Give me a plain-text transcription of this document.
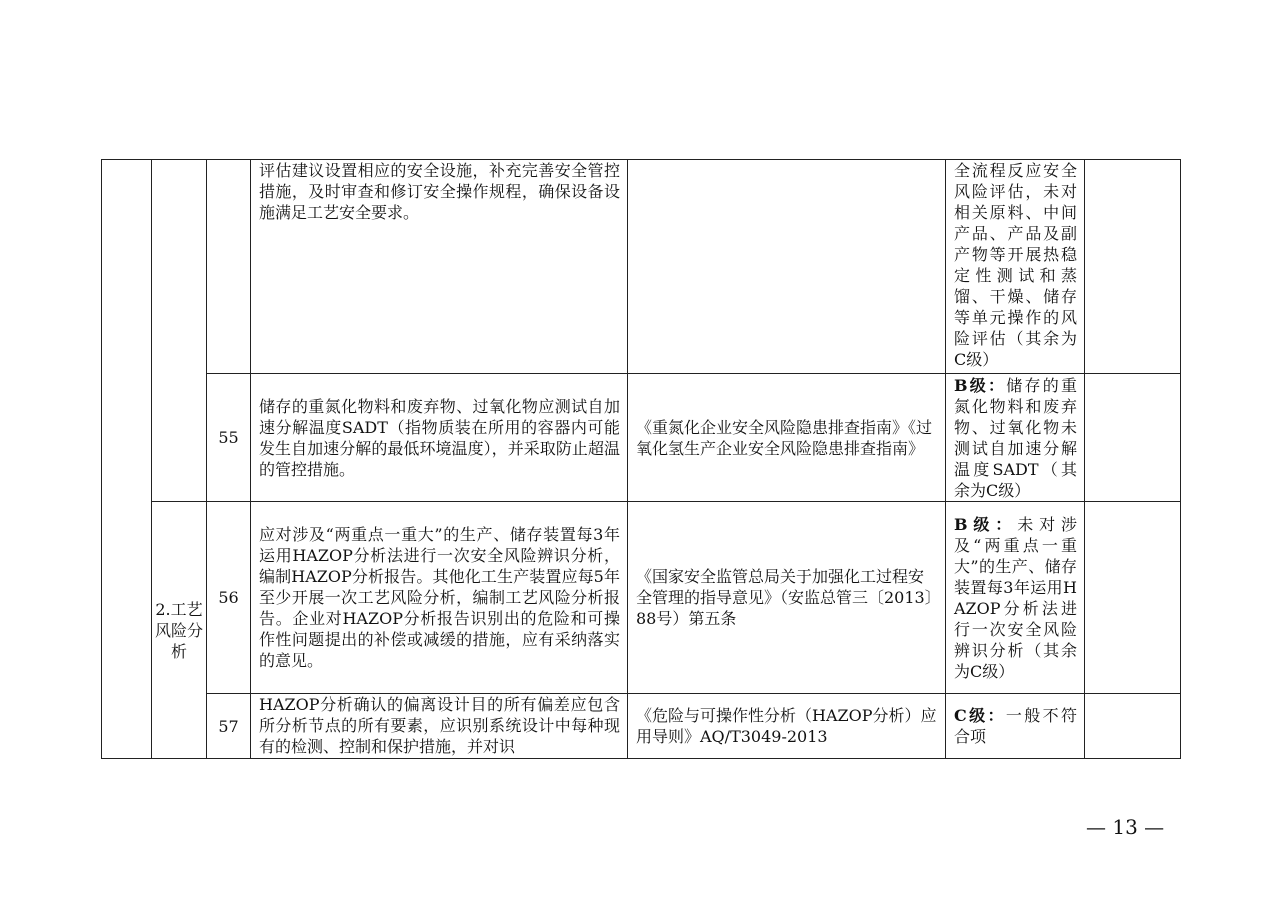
			评估建议设置相应的安全设施，补充完善安全管控措施，及时审查和修订安全操作规程，确保设备设施满足工艺安全要求。		全流程反应安全风险评估，未对相关原料、中间产品、产品及副产物等开展热稳定性测试和蒸馏、干燥、储存等单元操作的风险评估（其余为C级）	

		55	储存的重氮化物料和废弃物、过氧化物应测试自加速分解温度SADT（指物质装在所用的容器内可能发生自加速分解的最低环境温度），并采取防止超温的管控措施。	《重氮化企业安全风险隐患排查指南》《过氧化氢生产企业安全风险隐患排查指南》	B级：储存的重氮化物料和废弃物、过氧化物未测试自加速分解温度SADT（其余为C级）	

	2.工艺风险分析	56	应对涉及“两重点一重大”的生产、储存装置每3年运用HAZOP分析法进行一次安全风险辨识分析，编制HAZOP分析报告。其他化工生产装置应每5年至少开展一次工艺风险分析，编制工艺风险分析报告。企业对HAZOP分析报告识别出的危险和可操作性问题提出的补偿或减缓的措施，应有采纳落实的意见。	《国家安全监管总局关于加强化工过程安全管理的指导意见》（安监总管三〔2013〕88号）第五条	B级：未对涉及“两重点一重大”的生产、储存装置每3年运用HAZOP分析法进行一次安全风险辨识分析（其余为C级）	

		57	HAZOP分析确认的偏离设计目的所有偏差应包含所分析节点的所有要素，应识别系统设计中每种现有的检测、控制和保护措施，并对识	《危险与可操作性分析（HAZOP分析）应用导则》AQ/T3049-2013	C级：一般不符合项	

— 13 —
